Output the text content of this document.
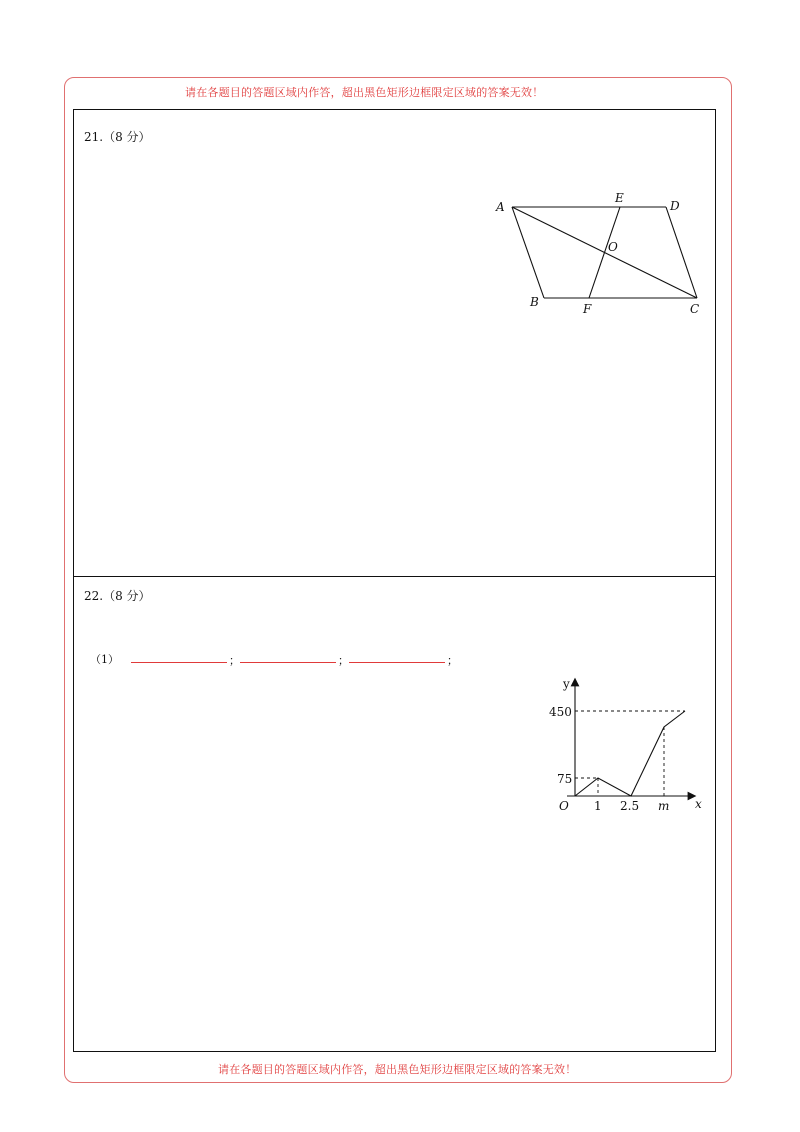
请在各题目的答题区域内作答，超出黑色矩形边框限定区域的答案无效！
请在各题目的答题区域内作答，超出黑色矩形边框限定区域的答案无效！
21.（8 分）
A
E
D
O
B	F	C
22.（8 分）
（1）	；	；	；
y
x
O
450
75
1 2.5 m
